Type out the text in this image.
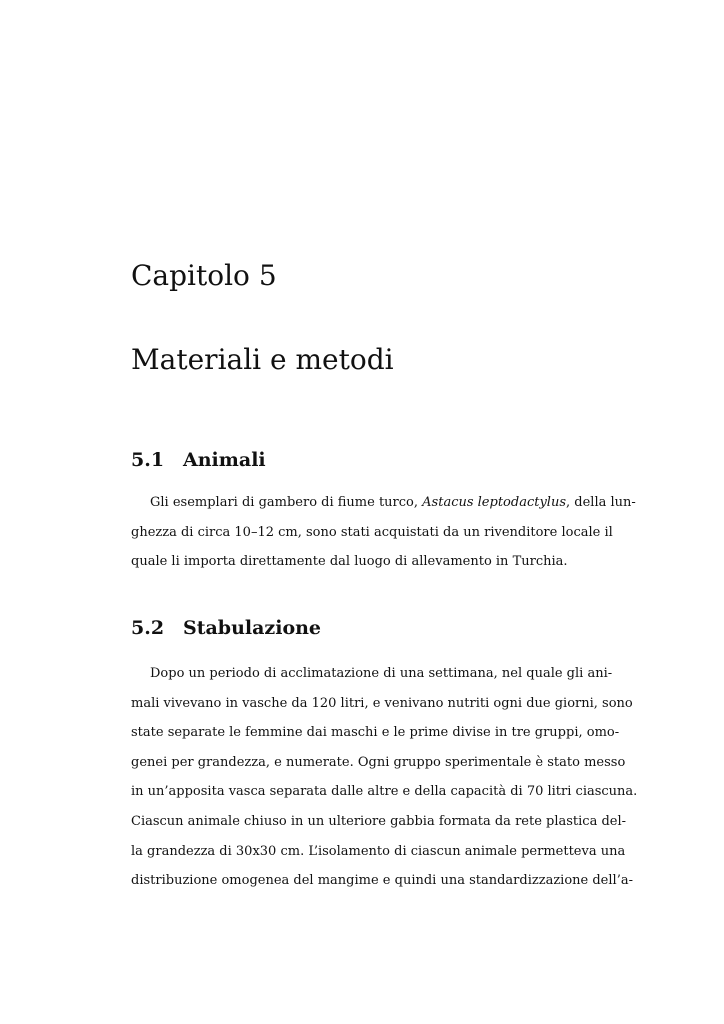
Capitolo 5
Materiali e metodi
5.1 Animali
Gli esemplari di gambero di fiume turco, Astacus leptodactylus, della lun-
ghezza di circa 10–12 cm, sono stati acquistati da un rivenditore locale il
quale li importa direttamente dal luogo di allevamento in Turchia.
5.2 Stabulazione
Dopo un periodo di acclimatazione di una settimana, nel quale gli ani-
mali vivevano in vasche da 120 litri, e venivano nutriti ogni due giorni, sono
state separate le femmine dai maschi e le prime divise in tre gruppi, omo-
genei per grandezza, e numerate. Ogni gruppo sperimentale è stato messo
in un’apposita vasca separata dalle altre e della capacità di 70 litri ciascuna.
Ciascun animale chiuso in un ulteriore gabbia formata da rete plastica del-
la grandezza di 30x30 cm. L’isolamento di ciascun animale permetteva una
distribuzione omogenea del mangime e quindi una standardizzazione dell’a-
